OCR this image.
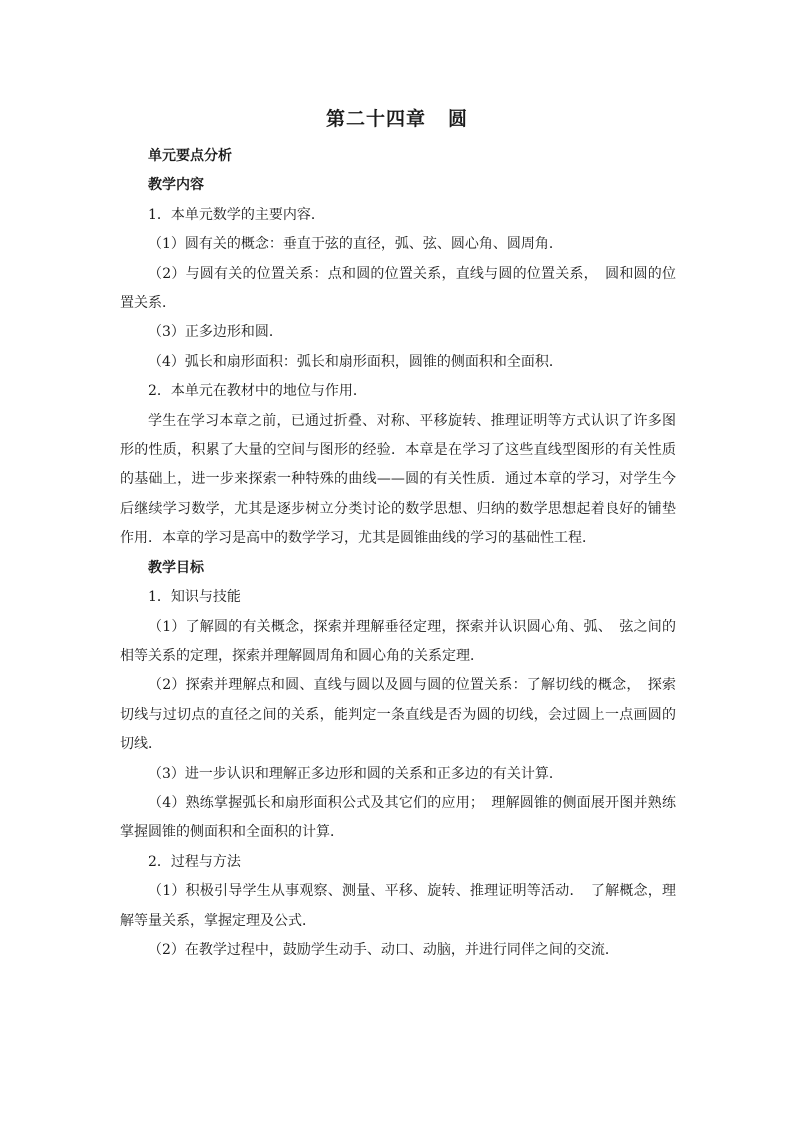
第二十四章 圆

单元要点分析

教学内容

1．本单元数学的主要内容．

（1）圆有关的概念：垂直于弦的直径，弧、弦、圆心角、圆周角．

（2）与圆有关的位置关系：点和圆的位置关系，直线与圆的位置关系，　圆和圆的位置关系．

（3）正多边形和圆．

（4）弧长和扇形面积：弧长和扇形面积，圆锥的侧面积和全面积．

2．本单元在教材中的地位与作用．

学生在学习本章之前，已通过折叠、对称、平移旋转、推理证明等方式认识了许多图形的性质，积累了大量的空间与图形的经验．本章是在学习了这些直线型图形的有关性质的基础上，进一步来探索一种特殊的曲线——圆的有关性质．通过本章的学习，对学生今后继续学习数学，尤其是逐步树立分类讨论的数学思想、归纳的数学思想起着良好的铺垫作用．本章的学习是高中的数学学习，尤其是圆锥曲线的学习的基础性工程．

教学目标

1．知识与技能

（1）了解圆的有关概念，探索并理解垂径定理，探索并认识圆心角、弧、　弦之间的相等关系的定理，探索并理解圆周角和圆心角的关系定理．

（2）探索并理解点和圆、直线与圆以及圆与圆的位置关系：了解切线的概念，　探索切线与过切点的直径之间的关系，能判定一条直线是否为圆的切线，会过圆上一点画圆的切线．

（3）进一步认识和理解正多边形和圆的关系和正多边的有关计算．

（4）熟练掌握弧长和扇形面积公式及其它们的应用；　理解圆锥的侧面展开图并熟练掌握圆锥的侧面积和全面积的计算．

2．过程与方法

（1）积极引导学生从事观察、测量、平移、旋转、推理证明等活动．　了解概念，理解等量关系，掌握定理及公式．

（2）在教学过程中，鼓励学生动手、动口、动脑，并进行同伴之间的交流．
